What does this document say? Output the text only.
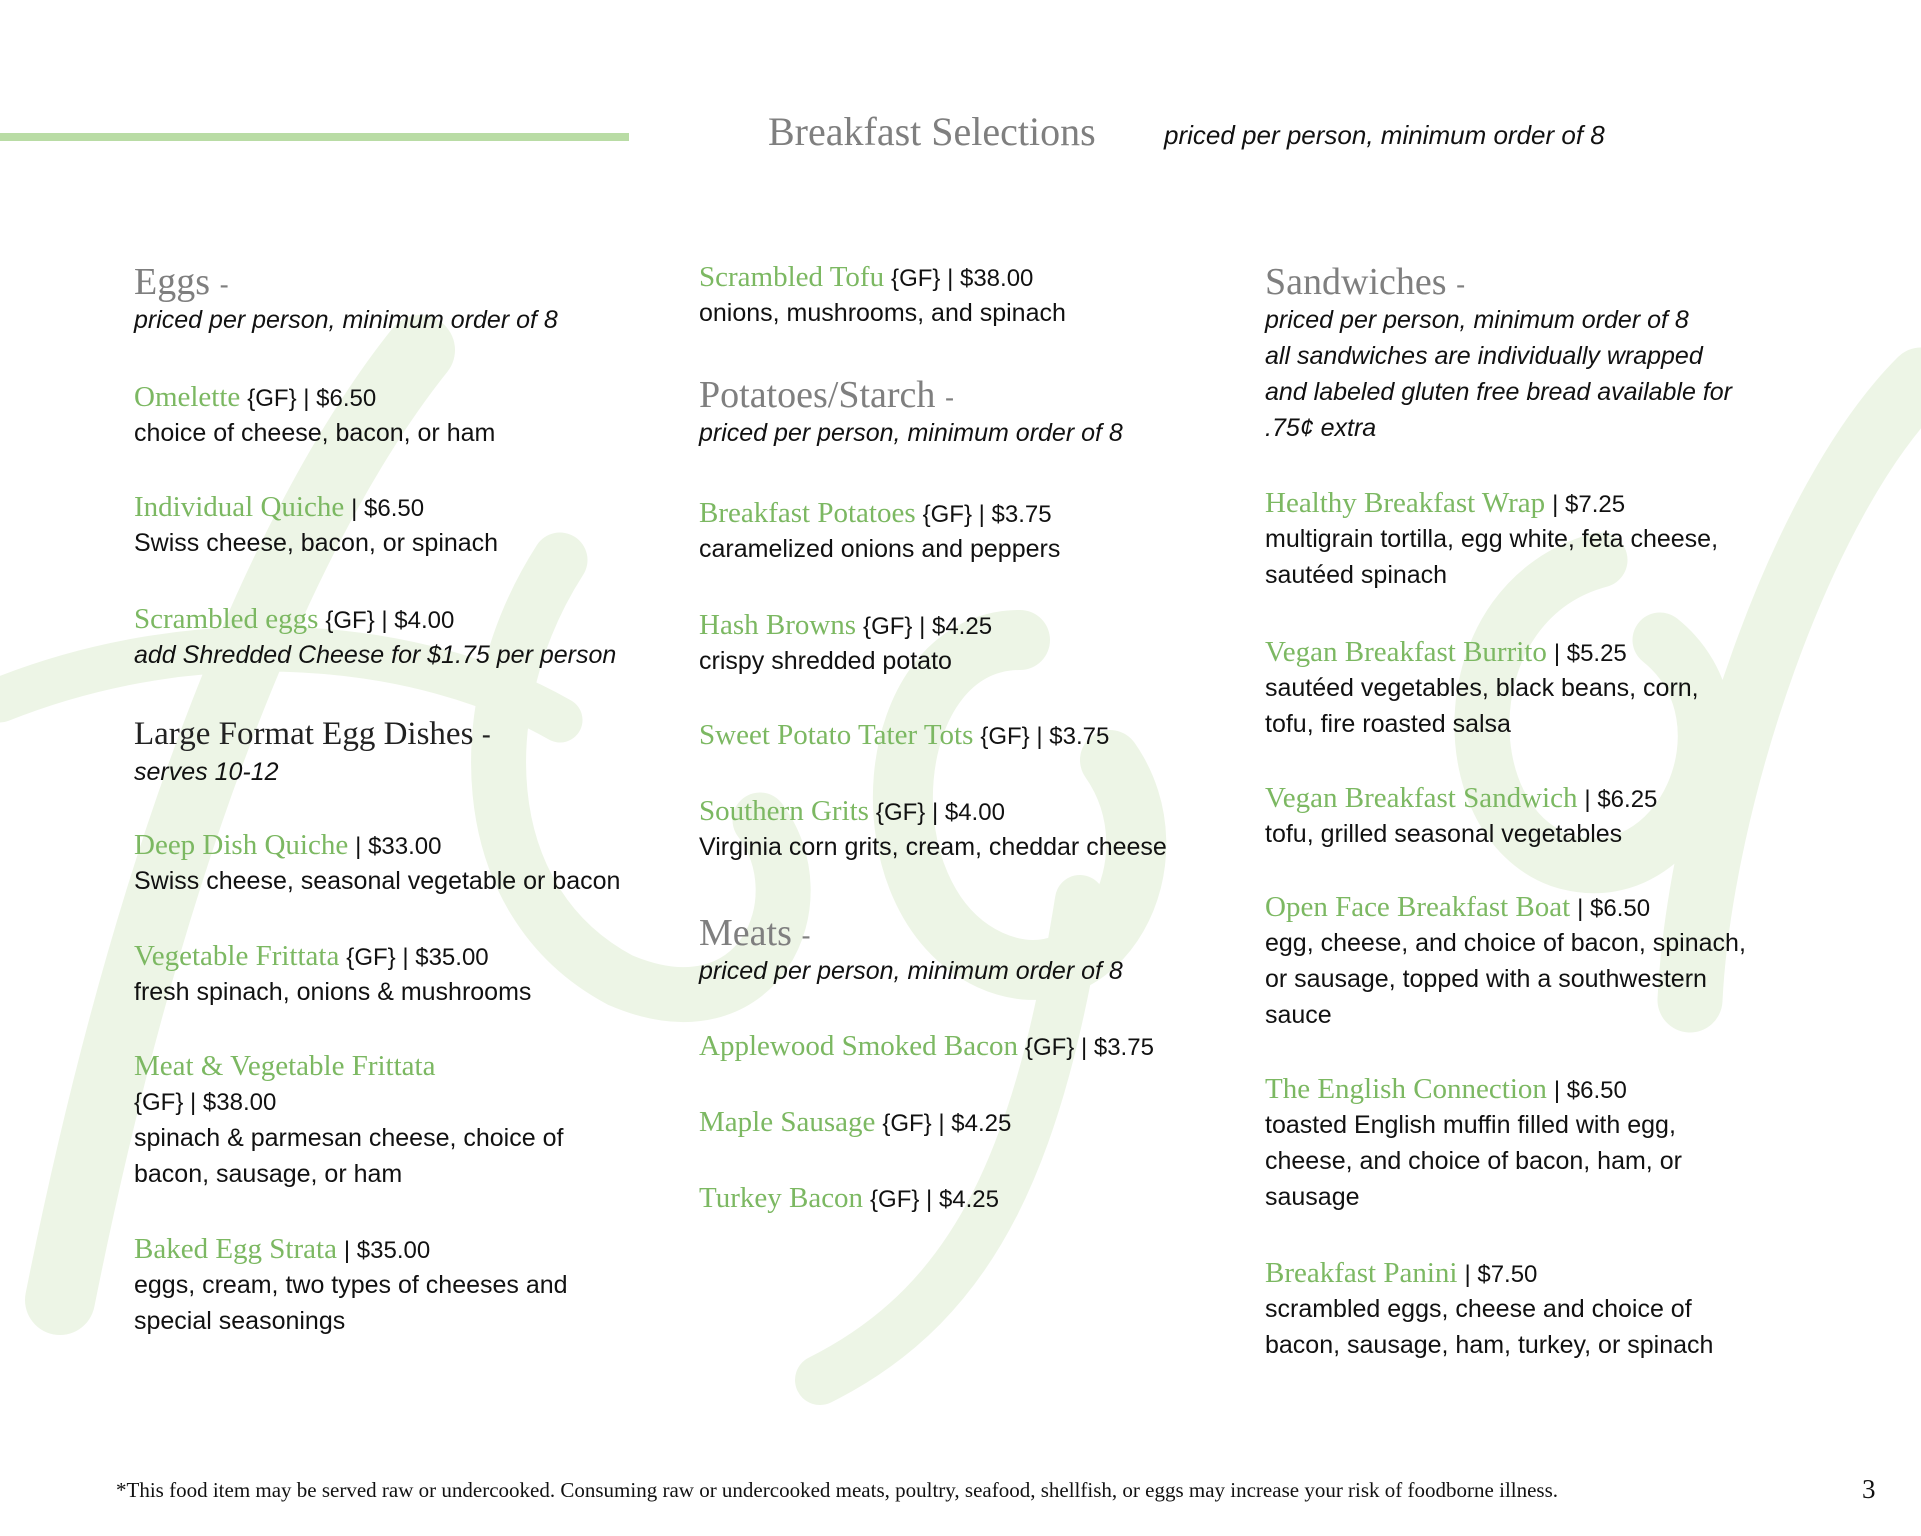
Breakfast Selections	priced per person, minimum order of 8
Eggs -
priced per person, minimum order of 8
Omelette {GF} | $6.50
choice of cheese, bacon, or ham
Individual Quiche | $6.50
Swiss cheese, bacon, or spinach
Scrambled eggs {GF} | $4.00
add Shredded Cheese for $1.75 per person
Large Format Egg Dishes -
serves 10-12
Deep Dish Quiche | $33.00
Swiss cheese, seasonal vegetable or bacon
Vegetable Frittata {GF} | $35.00
fresh spinach, onions & mushrooms
Meat & Vegetable Frittata
{GF} | $38.00
spinach & parmesan cheese, choice of
bacon, sausage, or ham
Baked Egg Strata | $35.00
eggs, cream, two types of cheeses and
special seasonings
Scrambled Tofu {GF} | $38.00
onions, mushrooms, and spinach
Potatoes/Starch -
priced per person, minimum order of 8
Breakfast Potatoes {GF} | $3.75
caramelized onions and peppers
Hash Browns {GF} | $4.25
crispy shredded potato
Sweet Potato Tater Tots {GF} | $3.75
Southern Grits {GF} | $4.00
Virginia corn grits, cream, cheddar cheese
Meats -
priced per person, minimum order of 8
Applewood Smoked Bacon {GF} | $3.75
Maple Sausage {GF} | $4.25
Turkey Bacon {GF} | $4.25
Sandwiches -
priced per person, minimum order of 8
all sandwiches are individually wrapped
and labeled gluten free bread available for
.75¢ extra
Healthy Breakfast Wrap | $7.25
multigrain tortilla, egg white, feta cheese,
sautéed spinach
Vegan Breakfast Burrito | $5.25
sautéed vegetables, black beans, corn,
tofu, fire roasted salsa
Vegan Breakfast Sandwich | $6.25
tofu, grilled seasonal vegetables
Open Face Breakfast Boat | $6.50
egg, cheese, and choice of bacon, spinach,
or sausage, topped with a southwestern
sauce
The English Connection | $6.50
toasted English muffin filled with egg,
cheese, and choice of bacon, ham, or
sausage
Breakfast Panini | $7.50
scrambled eggs, cheese and choice of
bacon, sausage, ham, turkey, or spinach
*This food item may be served raw or undercooked. Consuming raw or undercooked meats, poultry, seafood, shellfish, or eggs may increase your risk of foodborne illness.	3
